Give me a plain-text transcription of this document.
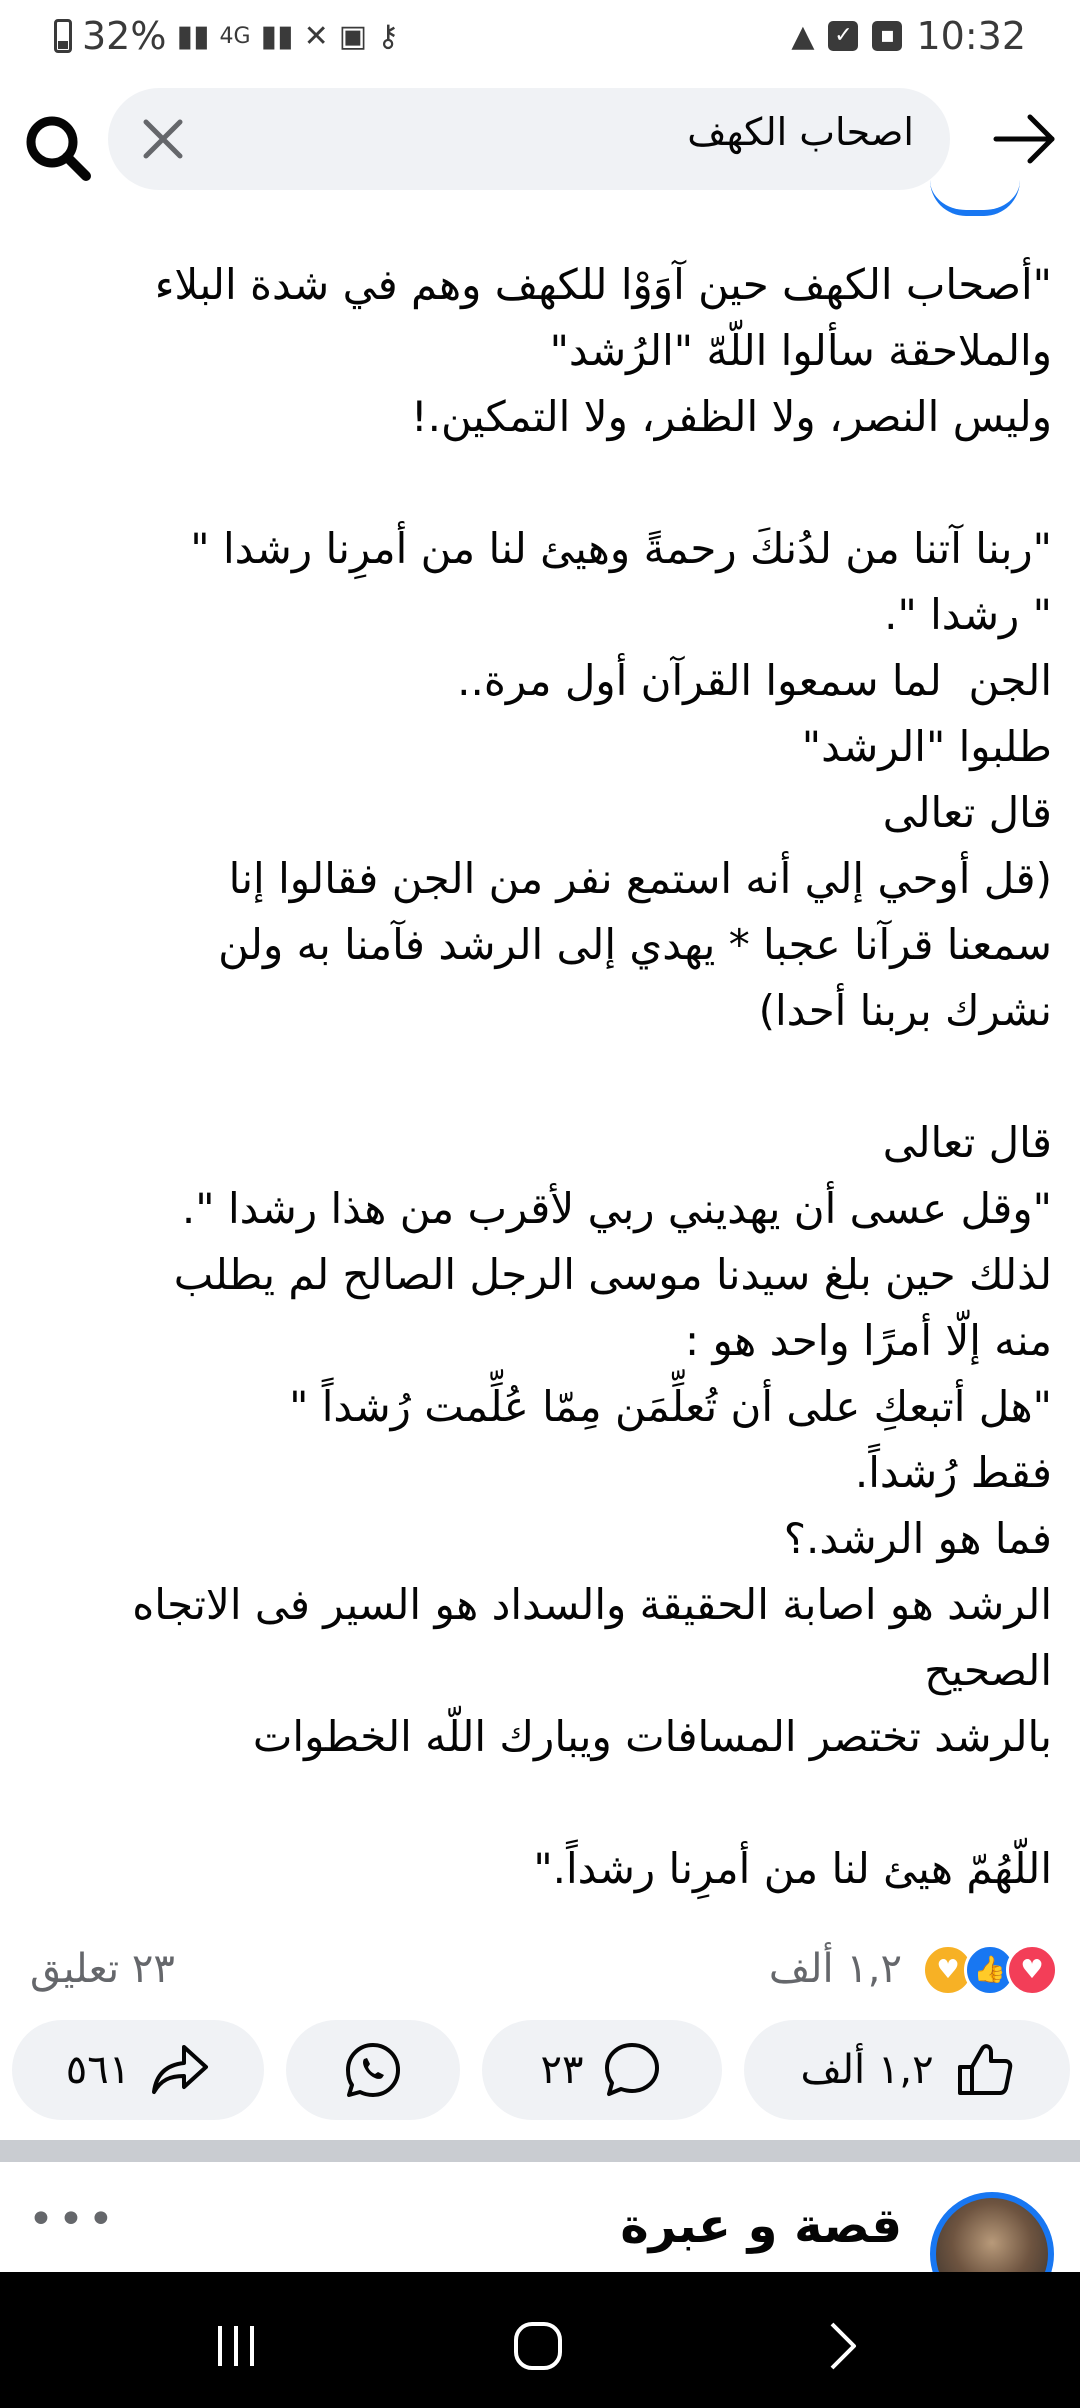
32% ▮▮ 4G ▮▮ ✕ ▣ ⚷	▲ ✓	▪ 10:32
اصحاب الكهف
"أصحاب الكهف حين آوَوْا للكهف وهم في شدة البلاء
والملاحقة سألوا اللّهّ "الرُشد"
وليس النصر، ولا الظفر، ولا التمكين.!

"ربنا آتنا من لدُنكَ رحمةً وهيئ لنا من أمرِنا رشدا "
" رشدا ".
الجن  لما سمعوا القرآن أول مرة..
طلبوا "الرشد"
قال تعالى
(قل أوحي إلي أنه استمع نفر من الجن فقالوا إنا
سمعنا قرآنا عجبا * يهدي إلى الرشد فآمنا به ولن
نشرك بربنا أحدا)

قال تعالى
"وقل عسى أن يهديني ربي لأقرب من هذا رشدا ".
لذلك حين بلغ سيدنا موسى الرجل الصالح لم يطلب
منه إلّا أمرًا واحد هو :
"هل أتبعكِ على أن تُعلِّمَن مِمّا عُلِّمت رُشداً "
فقط رُشداً.
فما هو الرشد.؟
الرشد هو اصابة الحقيقة والسداد هو السير فى الاتجاه
الصحيح
بالرشد تختصر المسافات ويبارك اللّه الخطوات

اللّهُمّ هيئ لنا من أمرِنا رشداً."
♥
👍
♥
١,٢ ألف
٢٣ تعليق
١,٢ ألف
٢٣
٥٦١
قصة و عبرة
•••
